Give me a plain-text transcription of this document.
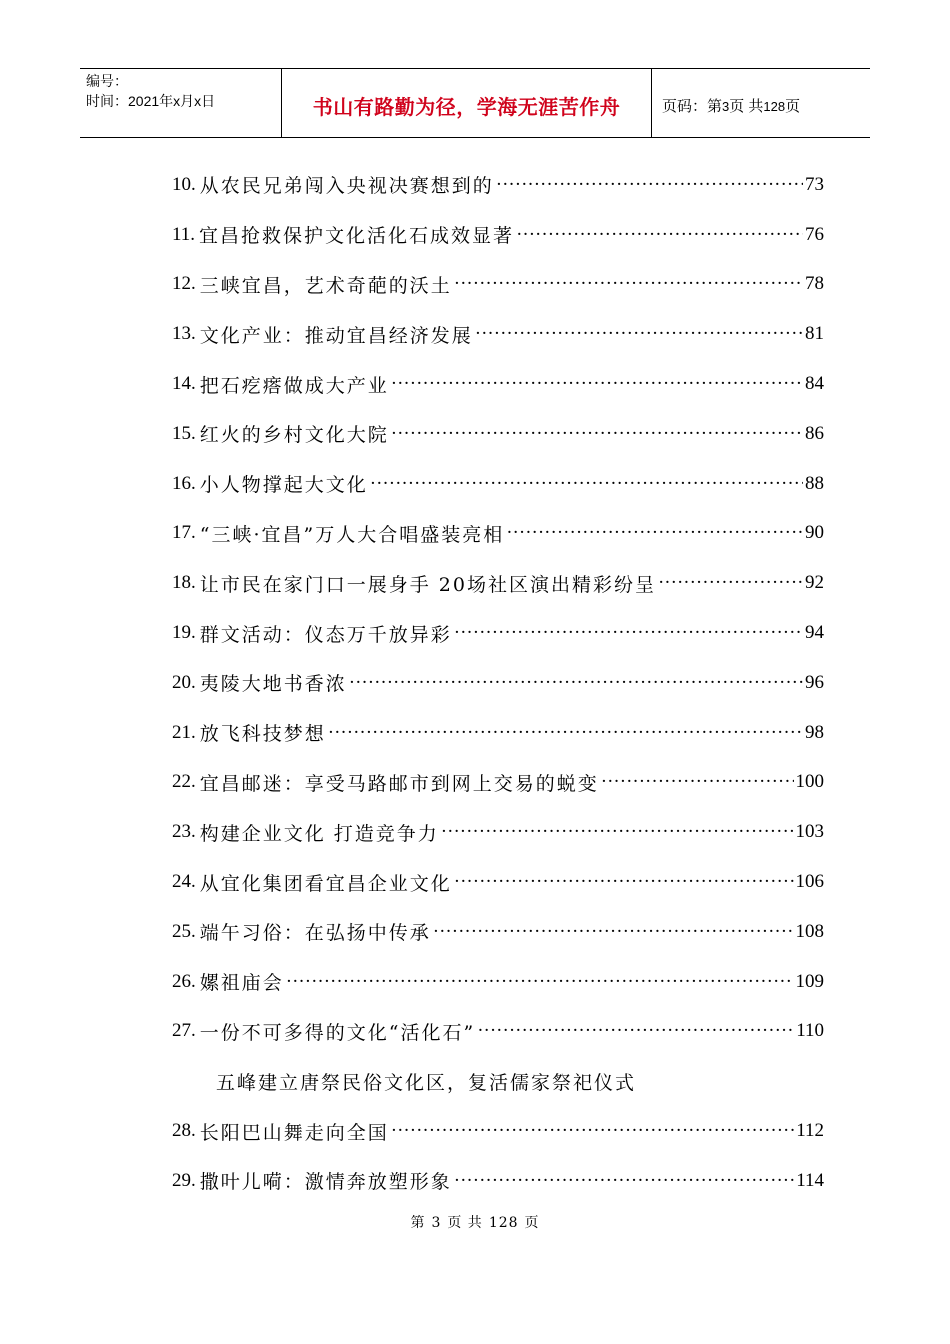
编号：
时间：2021年x月x日	书山有路勤为径，学海无涯苦作舟	页码：第 3 页 共 128 页
10. 从农民兄弟闯入央视决赛想到的 ·····	73
11. 宜昌抢救保护文化活化石成效显著 ·····	76
12. 三峡宜昌，艺术奇葩的沃土 ·····	78
13. 文化产业：推动宜昌经济发展 ·····	81
14. 把石疙瘩做成大产业 ·····	84
15. 红火的乡村文化大院 ·····	86
16. 小人物撑起大文化 ·····	88
17. “三峡·宜昌”万人大合唱盛装亮相 ·····	90
18. 让市民在家门口一展身手 20场社区演出精彩纷呈 ·····	92
19. 群文活动：仪态万千放异彩 ·····	94
20. 夷陵大地书香浓 ·····	96
21. 放飞科技梦想 ·····	98
22. 宜昌邮迷：享受马路邮市到网上交易的蜕变 ·····	100
23. 构建企业文化 打造竞争力 ·····	103
24. 从宜化集团看宜昌企业文化 ·····	106
25. 端午习俗：在弘扬中传承 ·····	108
26. 嫘祖庙会 ·····	109
27. 一份不可多得的文化“活化石” ·····	110
五峰建立唐祭民俗文化区，复活儒家祭祀仪式
28. 长阳巴山舞走向全国 ·····	112
29. 撒叶儿嗬：激情奔放塑形象 ·····	114
第 3 页 共 128 页
